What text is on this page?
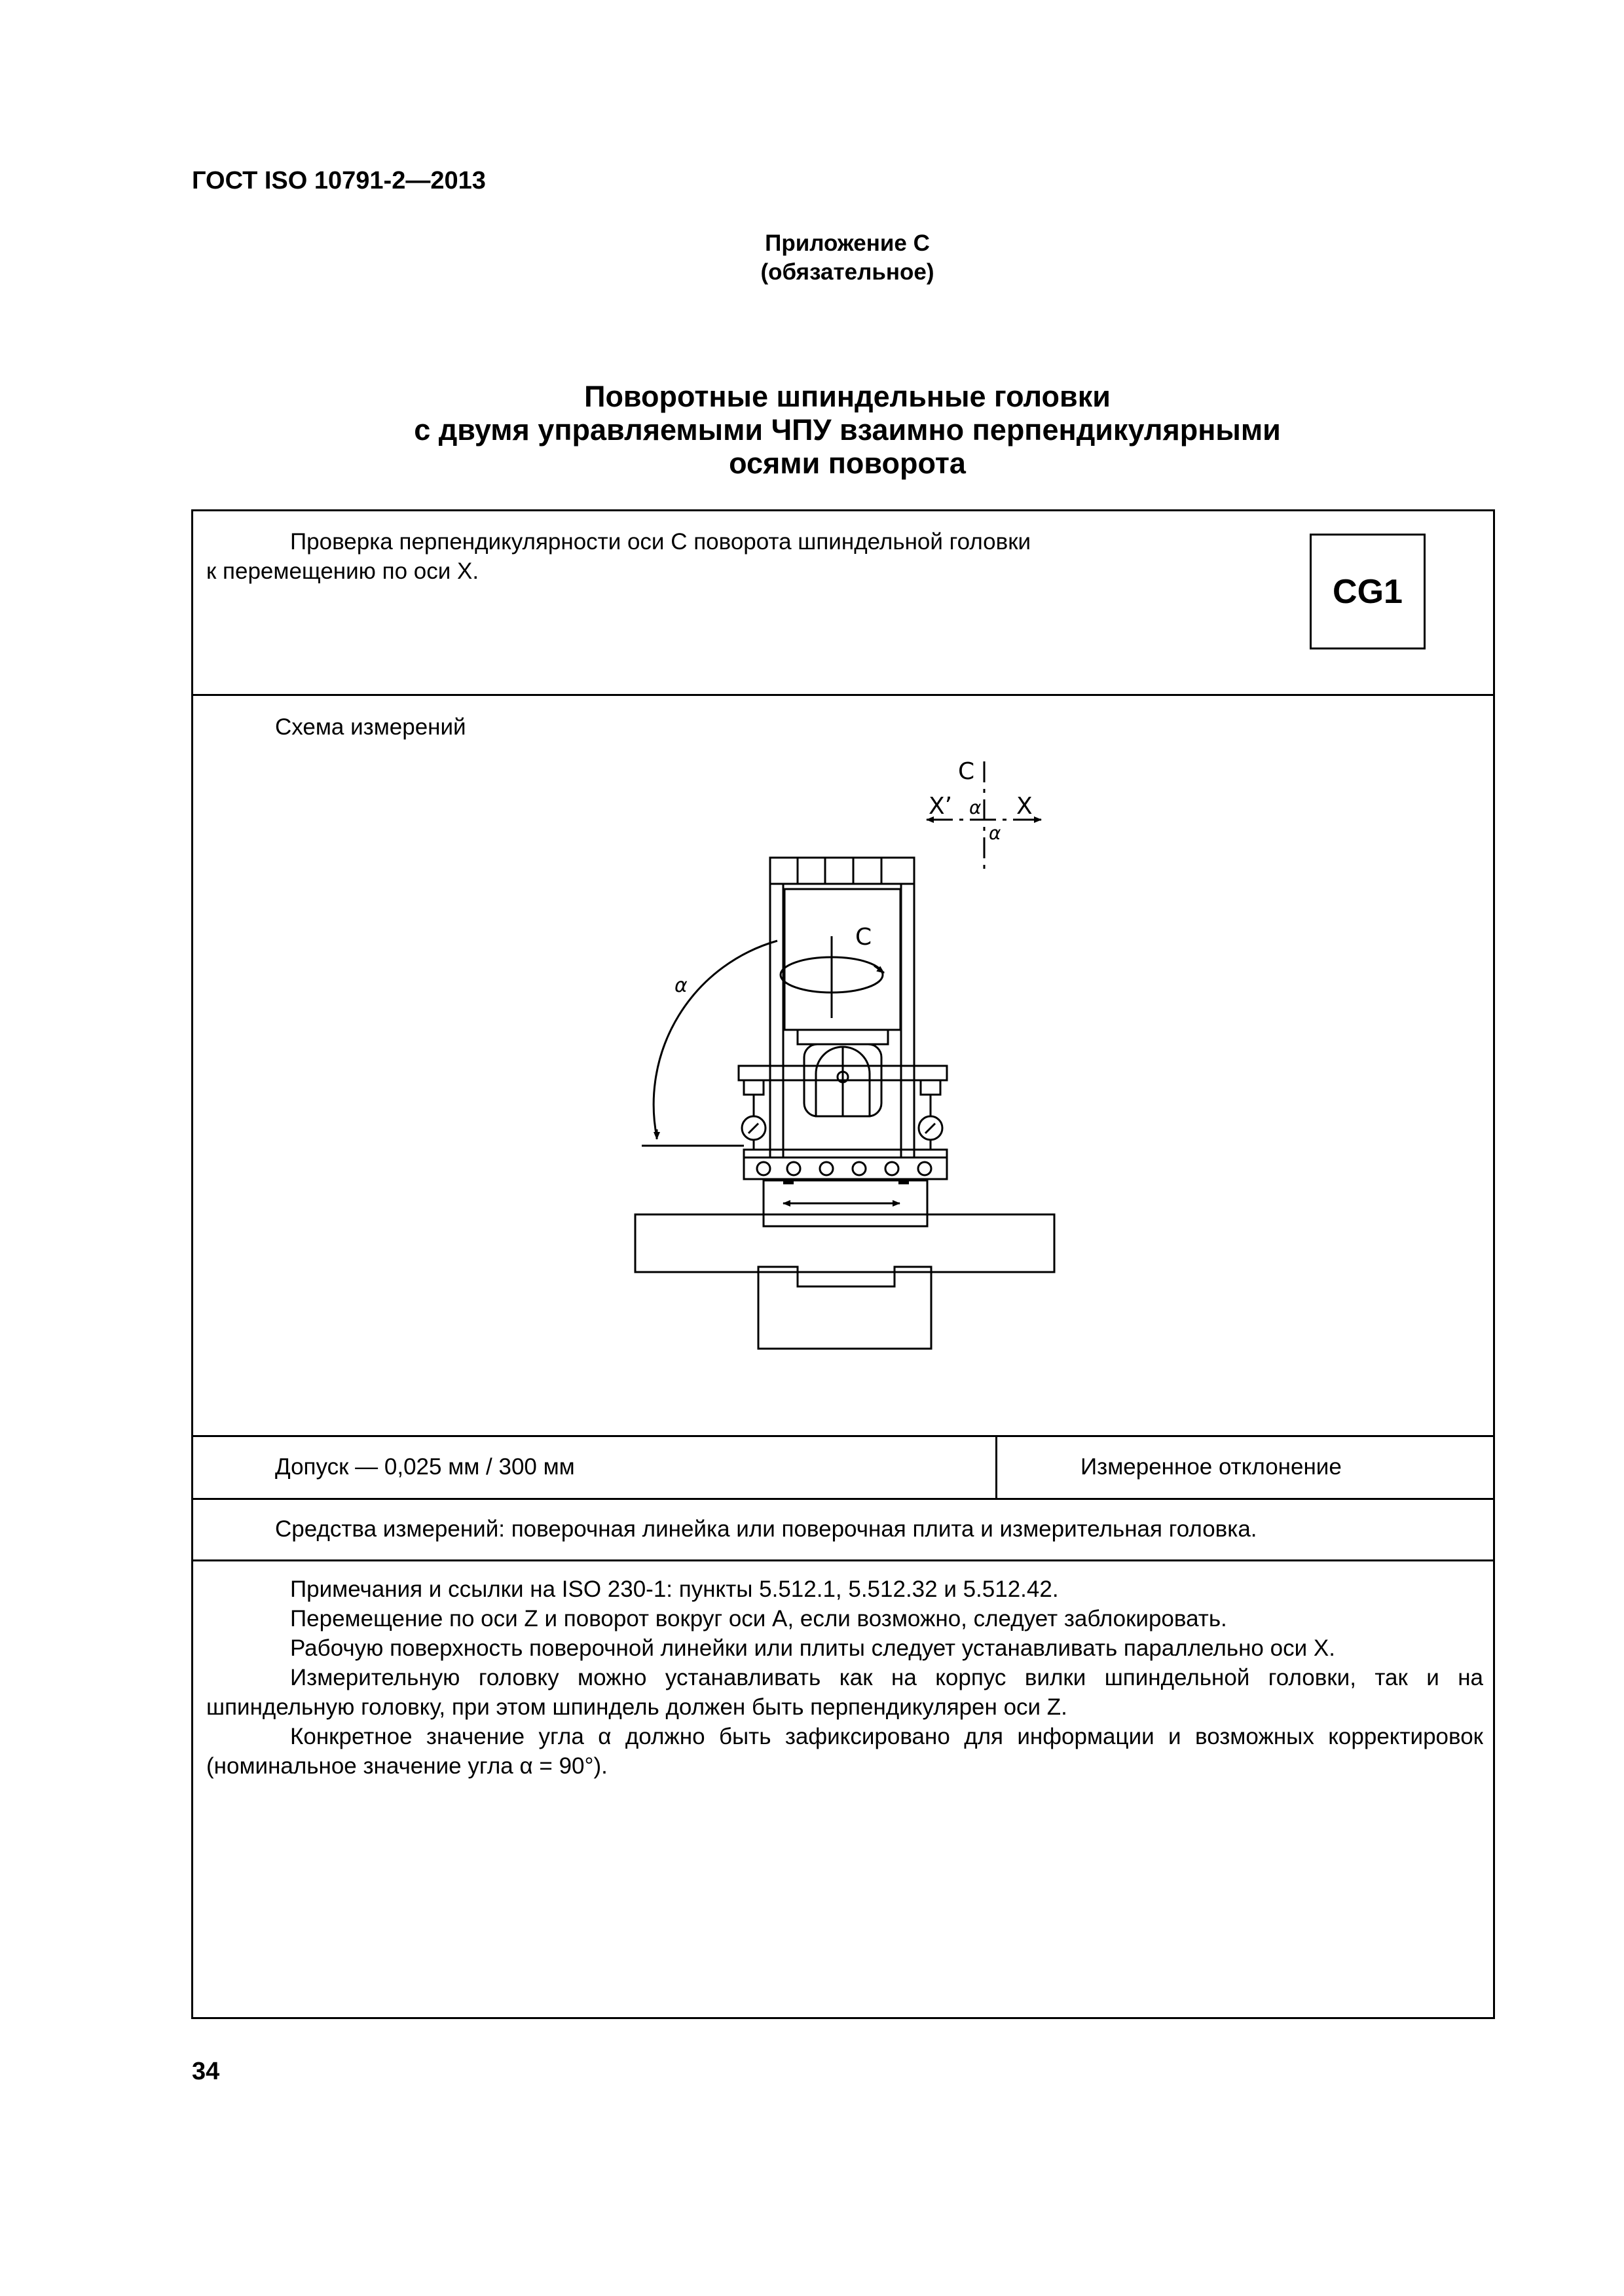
ГОСТ ISO 10791-2—2013
Приложение С
(обязательное)
Поворотные шпиндельные головки
с двумя управляемыми ЧПУ взаимно перпендикулярными
осями поворота
Проверка перпендикулярности оси С поворота шпиндельной головки
к перемещению по оси X.
CG1
Схема измерений
C
X’	X
α
α
C
α
Допуск — 0,025 мм / 300 мм	Измеренное отклонение
Средства измерений: поверочная линейка или поверочная плита и измерительная головка.

Примечания и ссылки на ISO 230-1: пункты 5.512.1, 5.512.32 и 5.512.42.

Перемещение по оси Z и поворот вокруг оси А, если возможно, следует заблокировать.

Рабочую поверхность поверочной линейки или плиты следует устанавливать параллельно оси X.

Измерительную головку можно устанавливать как на корпус вилки шпиндельной головки, так и на шпиндельную головку, при этом шпиндель должен быть перпендикулярен оси Z.

Конкретное значение угла α должно быть зафиксировано для информации и возможных корректировок (номинальное значение угла α = 90°).

34
